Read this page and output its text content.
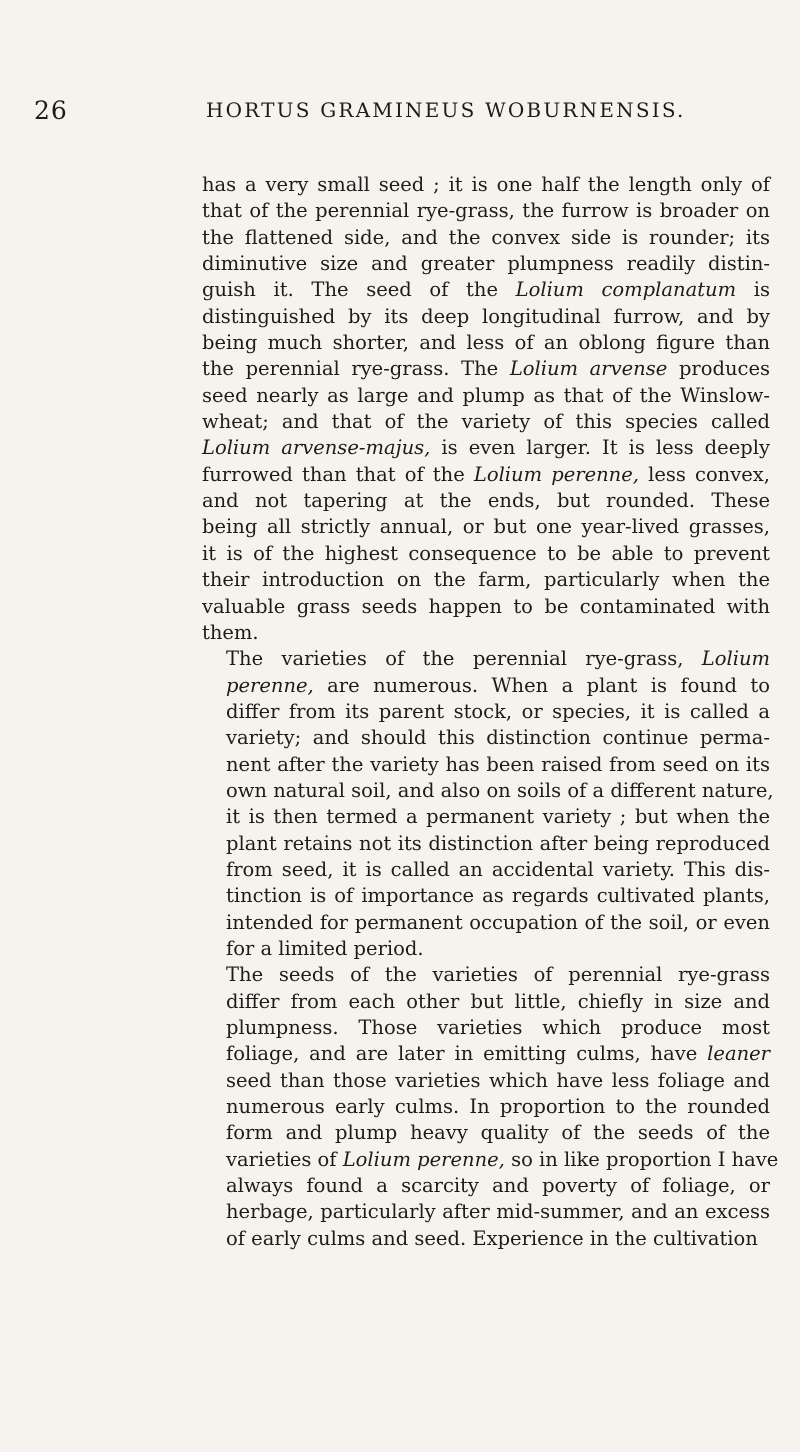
26	HORTUS GRAMINEUS WOBURNENSIS.
has a very small seed ; it is one half the length only of
that of the perennial rye-grass, the furrow is broader on
the flattened side, and the convex side is rounder; its
diminutive size and greater plumpness readily distin-
guish it. The seed of the Lolium complanatum is
distinguished by its deep longitudinal furrow, and by
being much shorter, and less of an oblong figure than
the perennial rye-grass. The Lolium arvense produces
seed nearly as large and plump as that of the Winslow-
wheat; and that of the variety of this species called
Lolium arvense-majus, is even larger. It is less deeply
furrowed than that of the Lolium perenne, less convex,
and not tapering at the ends, but rounded. These
being all strictly annual, or but one year-lived grasses,
it is of the highest consequence to be able to prevent
their introduction on the farm, particularly when the
valuable grass seeds happen to be contaminated with
them.
The varieties of the perennial rye-grass, Lolium
perenne, are numerous. When a plant is found to
differ from its parent stock, or species, it is called a
variety; and should this distinction continue perma-
nent after the variety has been raised from seed on its
own natural soil, and also on soils of a different nature,
it is then termed a permanent variety ; but when the
plant retains not its distinction after being reproduced
from seed, it is called an accidental variety. This dis-
tinction is of importance as regards cultivated plants,
intended for permanent occupation of the soil, or even
for a limited period.
The seeds of the varieties of perennial rye-grass
differ from each other but little, chiefly in size and
plumpness. Those varieties which produce most
foliage, and are later in emitting culms, have leaner
seed than those varieties which have less foliage and
numerous early culms. In proportion to the rounded
form and plump heavy quality of the seeds of the
varieties of Lolium perenne, so in like proportion I have
always found a scarcity and poverty of foliage, or
herbage, particularly after mid-summer, and an excess
of early culms and seed. Experience in the cultivation
